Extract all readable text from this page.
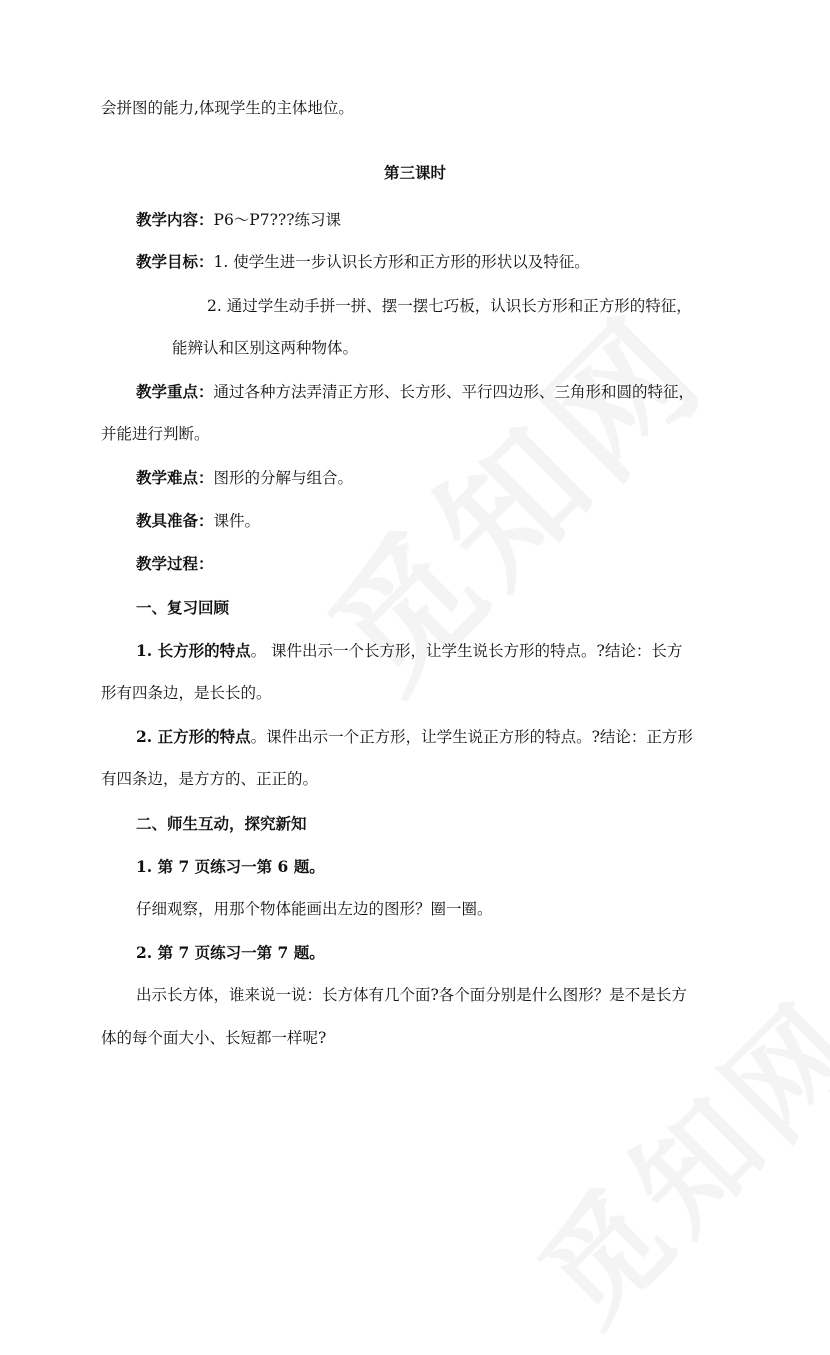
会拼图的能力,体现学生的主体地位。
第三课时
教学内容：P6～P7???练习课
教学目标：1. 使学生进一步认识长方形和正方形的形状以及特征。
2. 通过学生动手拼一拼、摆一摆七巧板，认识长方形和正方形的特征，
能辨认和区别这两种物体。
教学重点：通过各种方法弄清正方形、长方形、平行四边形、三角形和圆的特征，
并能进行判断。
教学难点：图形的分解与组合。
教具准备：课件。
教学过程：
一、复习回顾
1. 长方形的特点。 课件出示一个长方形，让学生说长方形的特点。?结论：长方
形有四条边，是长长的。
2. 正方形的特点。课件出示一个正方形，让学生说正方形的特点。?结论：正方形
有四条边，是方方的、正正的。
二、师生互动，探究新知
1. 第 7 页练习一第 6 题。
仔细观察，用那个物体能画出左边的图形？圈一圈。
2. 第 7 页练习一第 7 题。
出示长方体，谁来说一说：长方体有几个面?各个面分别是什么图形？是不是长方
体的每个面大小、长短都一样呢?
